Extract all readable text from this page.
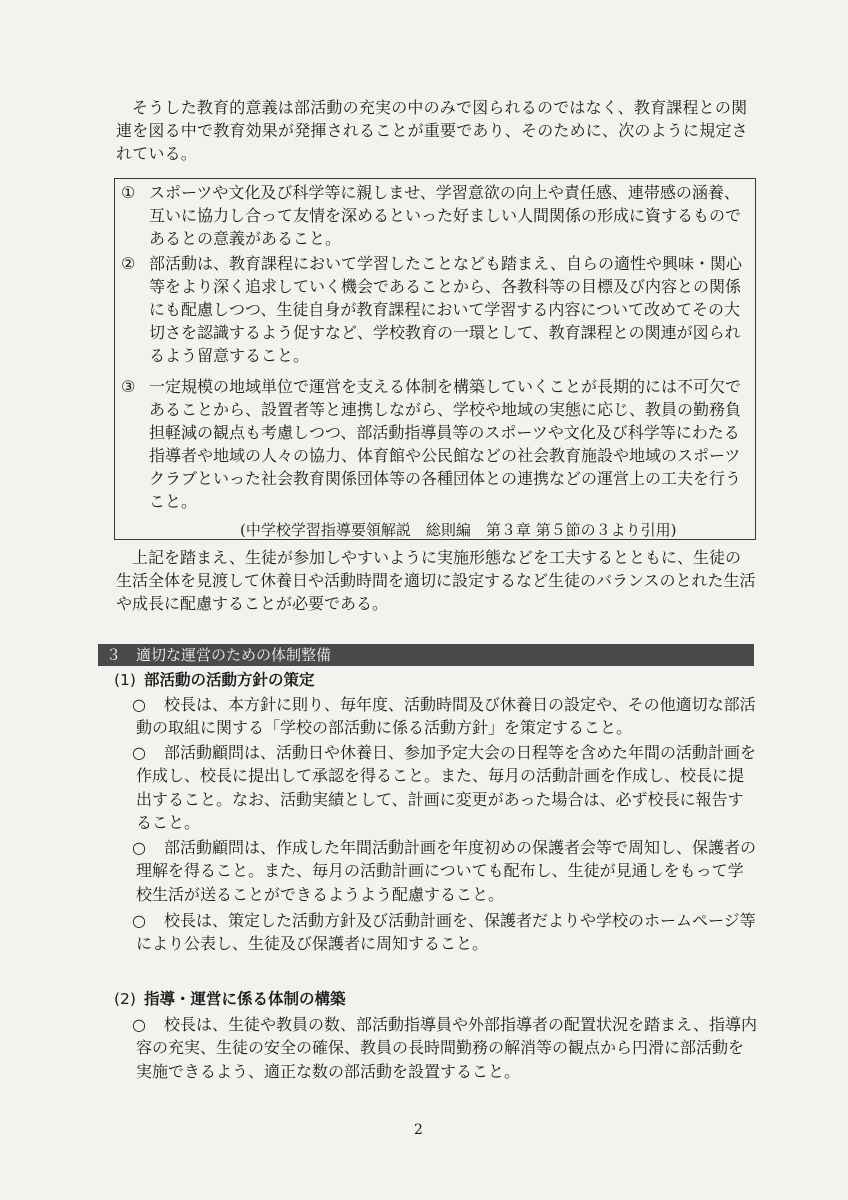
そうした教育的意義は部活動の充実の中のみで図られるのではなく、教育課程との関連を図る中で教育効果が発揮されることが重要であり、そのために、次のように規定されている。
① スポーツや文化及び科学等に親しませ、学習意欲の向上や責任感、連帯感の涵養、互いに協力し合って友情を深めるといった好ましい人間関係の形成に資するものであるとの意義があること。
② 部活動は、教育課程において学習したことなども踏まえ、自らの適性や興味・関心等をより深く追求していく機会であることから、各教科等の目標及び内容との関係にも配慮しつつ、生徒自身が教育課程において学習する内容について改めてその大切さを認識するよう促すなど、学校教育の一環として、教育課程との関連が図られるよう留意すること。
③ 一定規模の地域単位で運営を支える体制を構築していくことが長期的には不可欠であることから、設置者等と連携しながら、学校や地域の実態に応じ、教員の勤務負担軽減の観点も考慮しつつ、部活動指導員等のスポーツや文化及び科学等にわたる指導者や地域の人々の協力、体育館や公民館などの社会教育施設や地域のスポーツクラブといった社会教育関係団体等の各種団体との連携などの運営上の工夫を行うこと。
(中学校学習指導要領解説　総則編　第３章 第５節の３より引用)
上記を踏まえ、生徒が参加しやすいように実施形態などを工夫するとともに、生徒の生活全体を見渡して休養日や活動時間を適切に設定するなど生徒のバランスのとれた生活や成長に配慮することが必要である。
３　適切な運営のための体制整備
(1) 部活動の活動方針の策定
○	校長は、本方針に則り、毎年度、活動時間及び休養日の設定や、その他適切な部活動の取組に関する「学校の部活動に係る活動方針」を策定すること。
○	部活動顧問は、活動日や休養日、参加予定大会の日程等を含めた年間の活動計画を作成し、校長に提出して承認を得ること。また、毎月の活動計画を作成し、校長に提出すること。なお、活動実績として、計画に変更があった場合は、必ず校長に報告すること。
○	部活動顧問は、作成した年間活動計画を年度初めの保護者会等で周知し、保護者の理解を得ること。また、毎月の活動計画についても配布し、生徒が見通しをもって学校生活が送ることができるようよう配慮すること。
○	校長は、策定した活動方針及び活動計画を、保護者だよりや学校のホームページ等により公表し、生徒及び保護者に周知すること。
(2) 指導・運営に係る体制の構築
○	校長は、生徒や教員の数、部活動指導員や外部指導者の配置状況を踏まえ、指導内容の充実、生徒の安全の確保、教員の長時間勤務の解消等の観点から円滑に部活動を実施できるよう、適正な数の部活動を設置すること。
2
